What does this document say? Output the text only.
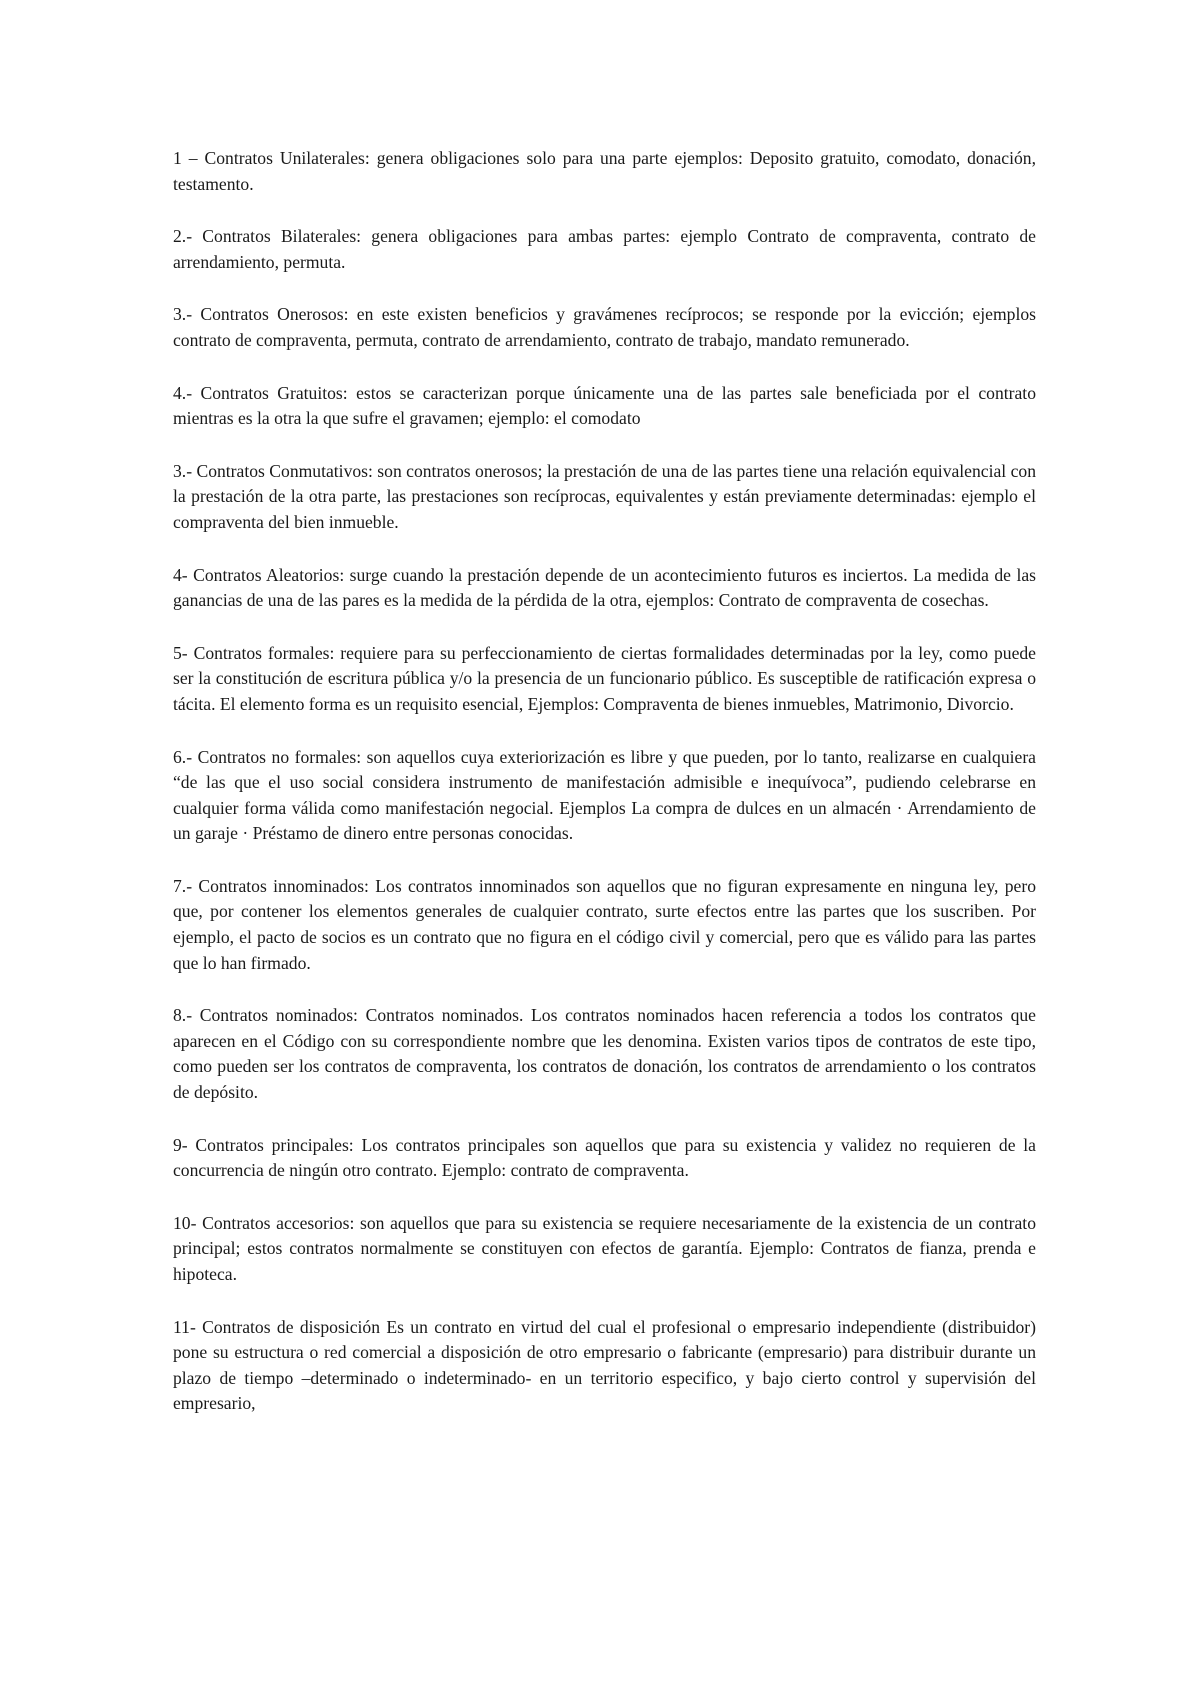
1 – Contratos Unilaterales: genera obligaciones solo para una parte ejemplos: Deposito gratuito, comodato, donación, testamento.

2.- Contratos Bilaterales: genera obligaciones para ambas partes: ejemplo Contrato de compraventa, contrato de arrendamiento, permuta.

3.- Contratos Onerosos: en este existen beneficios y gravámenes recíprocos; se responde por la evicción; ejemplos contrato de compraventa, permuta, contrato de arrendamiento, contrato de trabajo, mandato remunerado.

4.- Contratos Gratuitos: estos se caracterizan porque únicamente una de las partes sale beneficiada por el contrato mientras es la otra la que sufre el gravamen; ejemplo: el comodato

3.- Contratos Conmutativos: son contratos onerosos; la prestación de una de las partes tiene una relación equivalencial con la prestación de la otra parte, las prestaciones son recíprocas, equivalentes y están previamente determinadas: ejemplo el compraventa del bien inmueble.

4- Contratos Aleatorios: surge cuando la prestación depende de un acontecimiento futuros es inciertos. La medida de las ganancias de una de las pares es la medida de la pérdida de la otra, ejemplos: Contrato de compraventa de cosechas.

5- Contratos formales: requiere para su perfeccionamiento de ciertas formalidades determinadas por la ley, como puede ser la constitución de escritura pública y/o la presencia de un funcionario público. Es susceptible de ratificación expresa o tácita. El elemento forma es un requisito esencial, Ejemplos: Compraventa de bienes inmuebles, Matrimonio, Divorcio.

6.- Contratos no formales: son aquellos cuya exteriorización es libre y que pueden, por lo tanto, realizarse en cualquiera “de las que el uso social considera instrumento de manifestación admisible e inequívoca”, pudiendo celebrarse en cualquier forma válida como manifestación negocial. Ejemplos La compra de dulces en un almacén · Arrendamiento de un garaje · Préstamo de dinero entre personas conocidas.

7.- Contratos innominados: Los contratos innominados son aquellos que no figuran expresamente en ninguna ley, pero que, por contener los elementos generales de cualquier contrato, surte efectos entre las partes que los suscriben. Por ejemplo, el pacto de socios es un contrato que no figura en el código civil y comercial, pero que es válido para las partes que lo han firmado.

8.- Contratos nominados: Contratos nominados. Los contratos nominados hacen referencia a todos los contratos que aparecen en el Código con su correspondiente nombre que les denomina. Existen varios tipos de contratos de este tipo, como pueden ser los contratos de compraventa, los contratos de donación, los contratos de arrendamiento o los contratos de depósito.

9- Contratos principales: Los contratos principales son aquellos que para su existencia y validez no requieren de la concurrencia de ningún otro contrato. Ejemplo: contrato de compraventa.

10- Contratos accesorios: son aquellos que para su existencia se requiere necesariamente de la existencia de un contrato principal; estos contratos normalmente se constituyen con efectos de garantía. Ejemplo: Contratos de fianza, prenda e hipoteca.

11- Contratos de disposición Es un contrato en virtud del cual el profesional o empresario independiente (distribuidor) pone su estructura o red comercial a disposición de otro empresario o fabricante (empresario) para distribuir durante un plazo de tiempo –determinado o indeterminado- en un territorio especifico, y bajo cierto control y supervisión del empresario,
